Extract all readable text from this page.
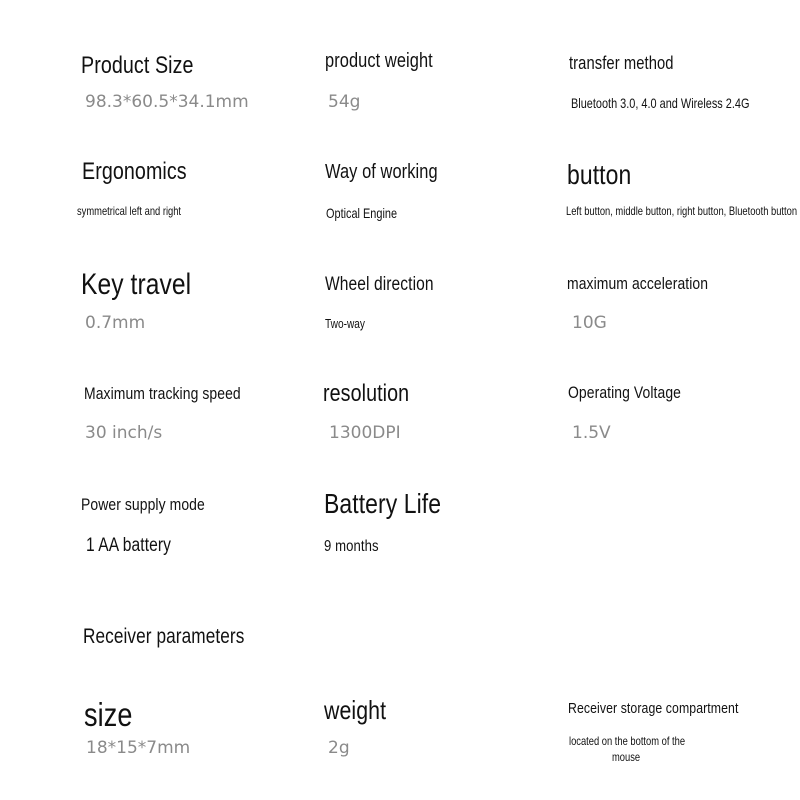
Product Size
98.3*60.5*34.1mm
product weight
54g
transfer method
Bluetooth 3.0, 4.0 and Wireless 2.4G
Ergonomics
symmetrical left and right
Way of working
Optical Engine
button
Left button, middle button, right button, Bluetooth button
Key travel
0.7mm
Wheel direction
Two-way
maximum acceleration
10G
Maximum tracking speed
30 inch/s
resolution
1300DPI
Operating Voltage
1.5V
Power supply mode
1 AA battery
Battery Life
9 months
Receiver parameters
size
18*15*7mm
weight
2g
Receiver storage compartment
located on the bottom of the
mouse
